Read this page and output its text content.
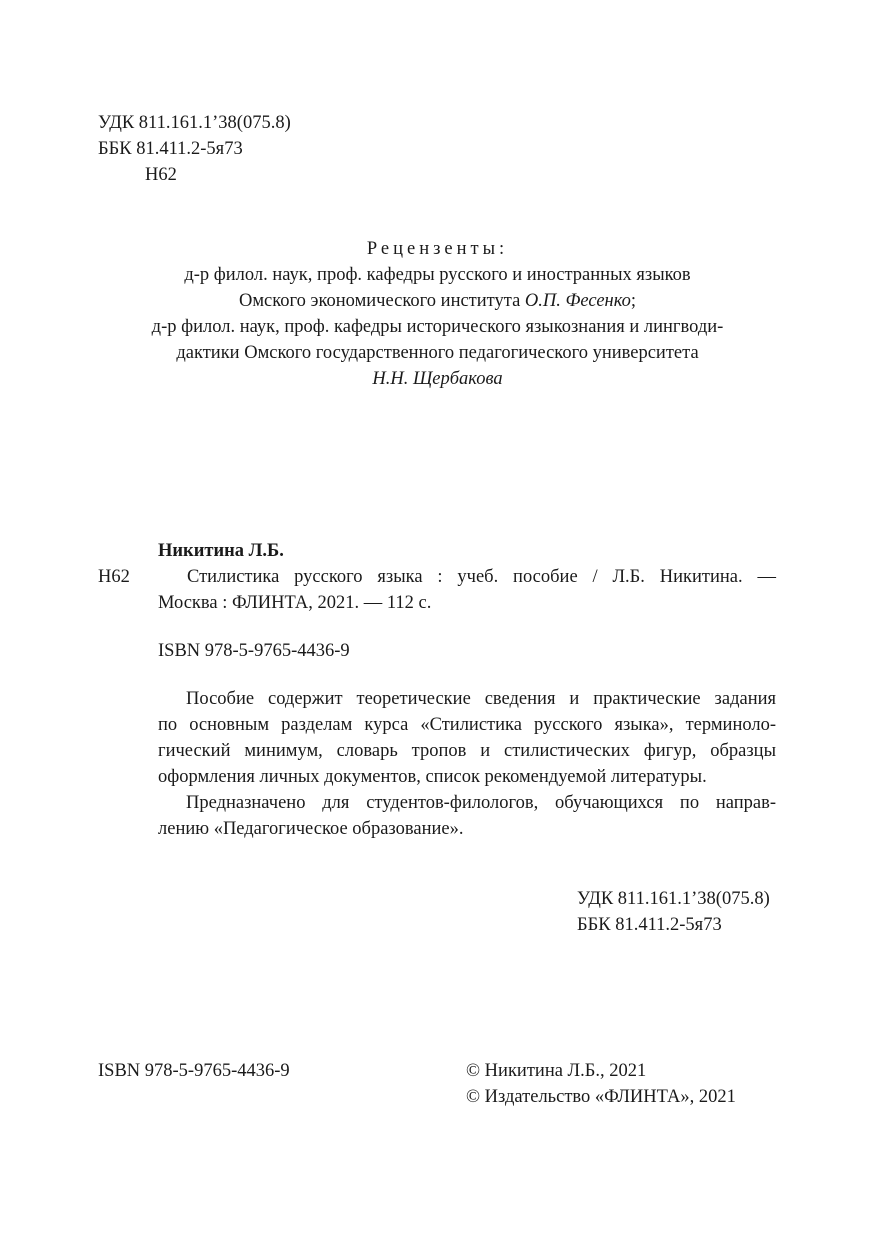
УДК 811.161.1’38(075.8)
ББК 81.411.2-5я73
Н62
Рецензенты:
д-р филол. наук, проф. кафедры русского и иностранных языков
Омского экономического института О.П. Фесенко;
д-р филол. наук, проф. кафедры исторического языкознания и лингводи-
дактики Омского государственного педагогического университета
Н.Н. Щербакова
Никитина Л.Б.
Н62	Стилистика русского языка : учеб. пособие / Л.Б. Никитина. —
Москва : ФЛИНТА, 2021. — 112 с.
ISBN 978-5-9765-4436-9
Пособие содержит теоретические сведения и практические задания
по основным разделам курса «Стилистика русского языка», терминоло-
гический минимум, словарь тропов и стилистических фигур, образцы
оформления личных документов, список рекомендуемой литературы.
Предназначено для студентов-филологов, обучающихся по направ-
лению «Педагогическое образование».
УДК 811.161.1’38(075.8)
ББК 81.411.2-5я73
ISBN 978-5-9765-4436-9	© Никитина Л.Б., 2021
© Издательство «ФЛИНТА», 2021
